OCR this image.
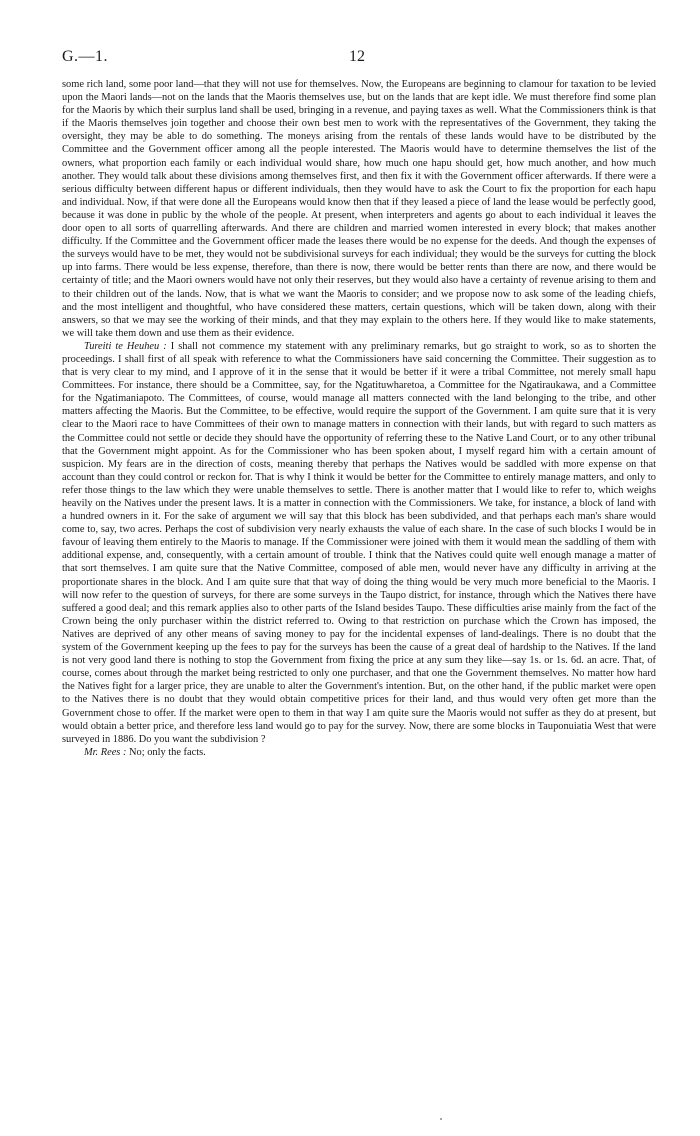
G.—1.	12

some rich land, some poor land—that they will not use for themselves. Now, the Europeans are beginning to clamour for taxation to be levied upon the Maori lands—not on the lands that the Maoris themselves use, but on the lands that are kept idle. We must therefore find some plan for the Maoris by which their surplus land shall be used, bringing in a revenue, and paying taxes as well. What the Commissioners think is that if the Maoris themselves join together and choose their own best men to work with the representatives of the Government, they taking the oversight, they may be able to do something. The moneys arising from the rentals of these lands would have to be distributed by the Committee and the Government officer among all the people interested. The Maoris would have to determine themselves the list of the owners, what proportion each family or each individual would share, how much one hapu should get, how much another, and how much another. They would talk about these divisions among themselves first, and then fix it with the Government officer afterwards. If there were a serious difficulty between different hapus or different individuals, then they would have to ask the Court to fix the proportion for each hapu and individual. Now, if that were done all the Europeans would know then that if they leased a piece of land the lease would be perfectly good, because it was done in public by the whole of the people. At present, when interpreters and agents go about to each individual it leaves the door open to all sorts of quarrelling afterwards. And there are children and married women interested in every block; that makes another difficulty. If the Committee and the Government officer made the leases there would be no expense for the deeds. And though the expenses of the surveys would have to be met, they would not be subdivisional surveys for each individual; they would be the surveys for cutting the block up into farms. There would be less expense, therefore, than there is now, there would be better rents than there are now, and there would be certainty of title; and the Maori owners would have not only their reserves, but they would also have a certainty of revenue arising to them and to their children out of the lands. Now, that is what we want the Maoris to consider; and we propose now to ask some of the leading chiefs, and the most intelligent and thoughtful, who have considered these matters, certain questions, which will be taken down, along with their answers, so that we may see the working of their minds, and that they may explain to the others here. If they would like to make statements, we will take them down and use them as their evidence.

Tureiti te Heuheu : I shall not commence my statement with any preliminary remarks, but go straight to work, so as to shorten the proceedings. I shall first of all speak with reference to what the Commissioners have said concerning the Committee. Their suggestion as to that is very clear to my mind, and I approve of it in the sense that it would be better if it were a tribal Committee, not merely small hapu Committees. For instance, there should be a Committee, say, for the Ngatituwharetoa, a Committee for the Ngatiraukawa, and a Committee for the Ngatimaniapoto. The Committees, of course, would manage all matters connected with the land belonging to the tribe, and other matters affecting the Maoris. But the Committee, to be effective, would require the support of the Government. I am quite sure that it is very clear to the Maori race to have Committees of their own to manage matters in connection with their lands, but with regard to such matters as the Committee could not settle or decide they should have the opportunity of referring these to the Native Land Court, or to any other tribunal that the Government might appoint. As for the Commissioner who has been spoken about, I myself regard him with a certain amount of suspicion. My fears are in the direction of costs, meaning thereby that perhaps the Natives would be saddled with more expense on that account than they could control or reckon for. That is why I think it would be better for the Committee to entirely manage matters, and only to refer those things to the law which they were unable themselves to settle. There is another matter that I would like to refer to, which weighs heavily on the Natives under the present laws. It is a matter in connection with the Commissioners. We take, for instance, a block of land with a hundred owners in it. For the sake of argument we will say that this block has been subdivided, and that perhaps each man's share would come to, say, two acres. Perhaps the cost of subdivision very nearly exhausts the value of each share. In the case of such blocks I would be in favour of leaving them entirely to the Maoris to manage. If the Commissioner were joined with them it would mean the saddling of them with additional expense, and, consequently, with a certain amount of trouble. I think that the Natives could quite well enough manage a matter of that sort themselves. I am quite sure that the Native Committee, composed of able men, would never have any difficulty in arriving at the proportionate shares in the block. And I am quite sure that that way of doing the thing would be very much more beneficial to the Maoris. I will now refer to the question of surveys, for there are some surveys in the Taupo district, for instance, through which the Natives there have suffered a good deal; and this remark applies also to other parts of the Island besides Taupo. These difficulties arise mainly from the fact of the Crown being the only purchaser within the district referred to. Owing to that restriction on purchase which the Crown has imposed, the Natives are deprived of any other means of saving money to pay for the incidental expenses of land-dealings. There is no doubt that the system of the Government keeping up the fees to pay for the surveys has been the cause of a great deal of hardship to the Natives. If the land is not very good land there is nothing to stop the Government from fixing the price at any sum they like—say 1s. or 1s. 6d. an acre. That, of course, comes about through the market being restricted to only one purchaser, and that one the Government themselves. No matter how hard the Natives fight for a larger price, they are unable to alter the Government's intention. But, on the other hand, if the public market were open to the Natives there is no doubt that they would obtain competitive prices for their land, and thus would very often get more than the Government chose to offer. If the market were open to them in that way I am quite sure the Maoris would not suffer as they do at present, but would obtain a better price, and therefore less land would go to pay for the survey. Now, there are some blocks in Tauponuiatia West that were surveyed in 1886. Do you want the subdivision ?

Mr. Rees : No; only the facts.
